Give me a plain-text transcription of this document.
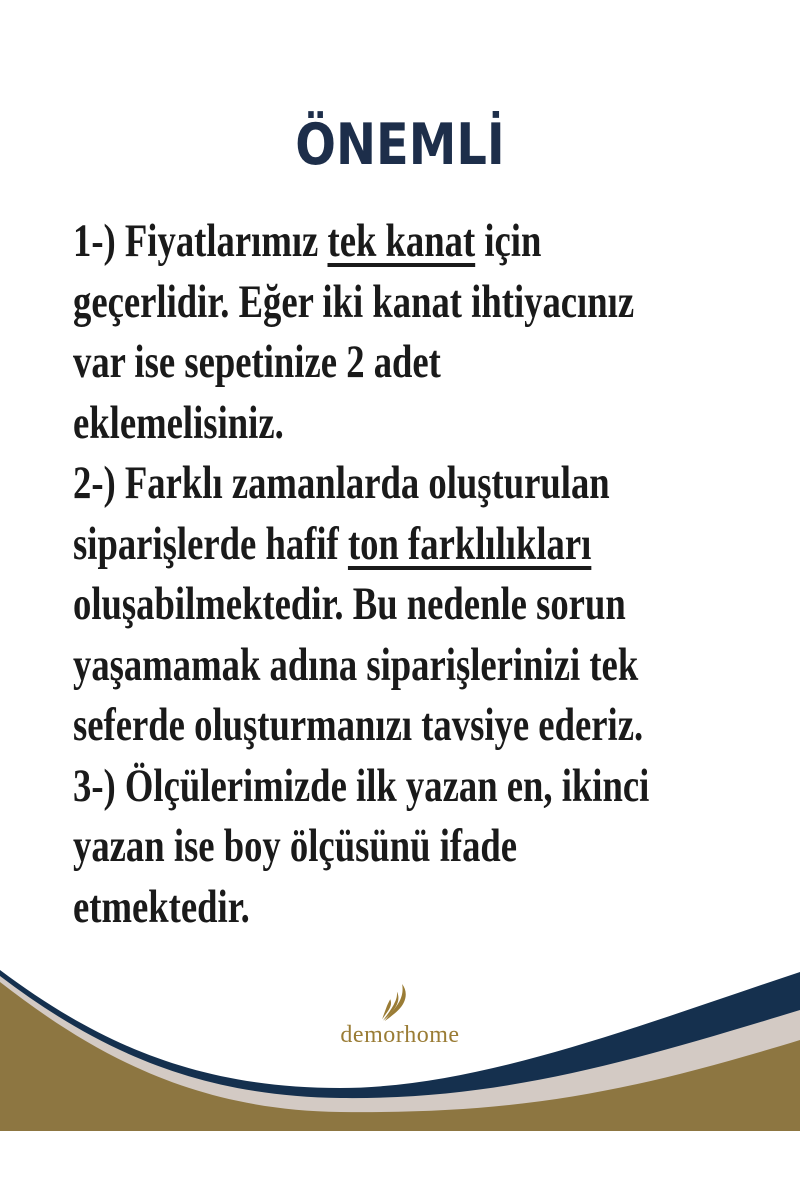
ÖNEMLİ
1-) Fiyatlarımız tek kanat için
geçerlidir. Eğer iki kanat ihtiyacınız
var ise sepetinize 2 adet
eklemelisiniz.
2-) Farklı zamanlarda oluşturulan
siparişlerde hafif ton farklılıkları
oluşabilmektedir. Bu nedenle sorun
yaşamamak adına siparişlerinizi tek
seferde oluşturmanızı tavsiye ederiz.
3-) Ölçülerimizde ilk yazan en, ikinci
yazan ise boy ölçüsünü ifade
etmektedir.
demorhome
